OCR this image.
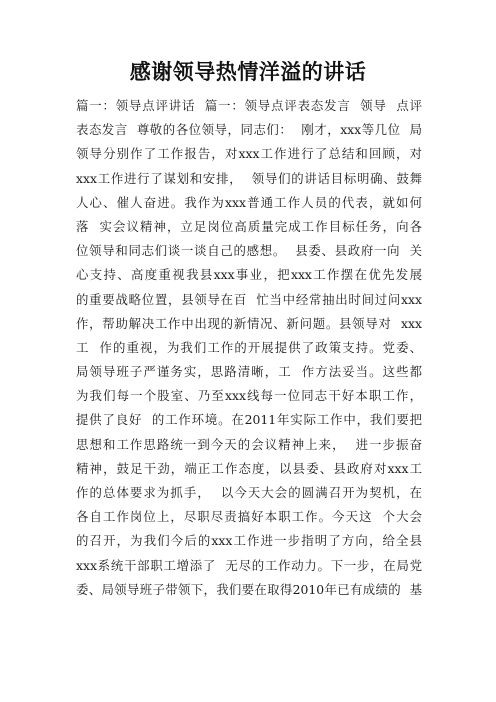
感谢领导热情洋溢的讲话
篇一：领导点评讲话  篇一：领导点评表态发言  领导  点评
表态发言  尊敬的各位领导，同志们：  刚才，xxx等几位  局
领导分别作了工作报告，对xxx工作进行了总结和回顾，对
xxx工作进行了谋划和安排，  领导们的讲话目标明确、鼓舞
人心、催人奋进。我作为xxx普通工作人员的代表，就如何
落  实会议精神，立足岗位高质量完成工作目标任务，向各
位领导和同志们谈一谈自己的感想。  县委、县政府一向  关
心支持、高度重视我县xxx事业，把xxx工作摆在优先发展
的重要战略位置，县领导在百  忙当中经常抽出时间过问xxx
作，帮助解决工作中出现的新情况、新问题。县领导对  xxx
工  作的重视，为我们工作的开展提供了政策支持。党委、
局领导班子严谨务实，思路清晰，工  作方法妥当。这些都
为我们每一个股室、乃至xxx线每一位同志干好本职工作，
提供了良好  的工作环境。在2011年实际工作中，我们要把
思想和工作思路统一到今天的会议精神上来，  进一步振奋
精神，鼓足干劲，端正工作态度，以县委、县政府对xxx工
作的总体要求为抓手，  以今天大会的圆满召开为契机，在
各自工作岗位上，尽职尽责搞好本职工作。今天这  个大会
的召开，为我们今后的xxx工作进一步指明了方向，给全县
xxx系统干部职工增添了  无尽的工作动力。下一步，在局党
委、局领导班子带领下，我们要在取得2010年已有成绩的  基
